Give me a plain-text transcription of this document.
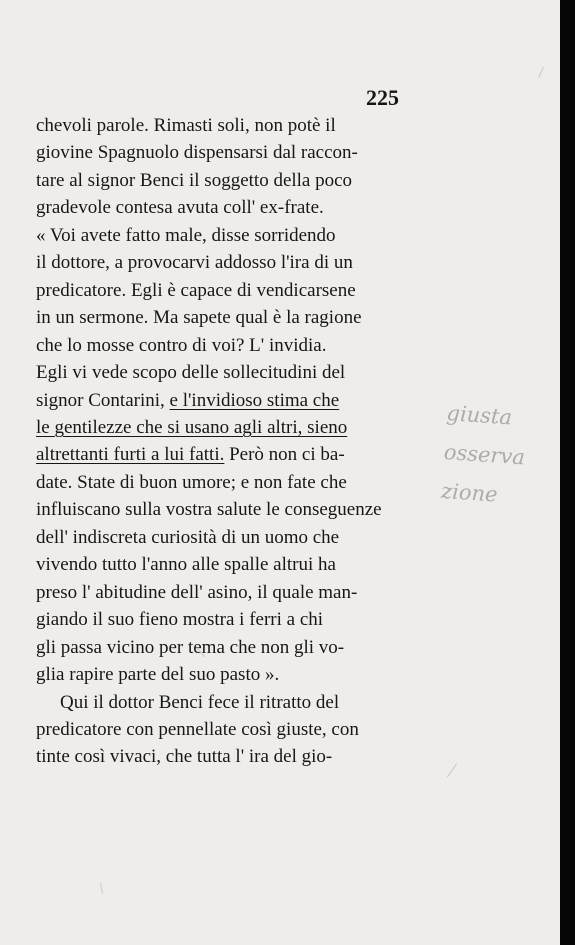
225
chevoli parole. Rimasti soli, non potè il
giovine Spagnuolo dispensarsi dal raccon-
tare al signor Benci il soggetto della poco
gradevole contesa avuta coll' ex-frate.
« Voi avete fatto male, disse sorridendo
il dottore, a provocarvi addosso l'ira di un
predicatore. Egli è capace di vendicarsene
in un sermone. Ma sapete qual è la ragione
che lo mosse contro di voi? L' invidia.
Egli vi vede scopo delle sollecitudini del
signor Contarini, e l'invidioso stima che
le gentilezze che si usano agli altri, sieno
altrettanti furti a lui fatti. Però non ci ba-
date. State di buon umore; e non fate che
influiscano sulla vostra salute le conseguenze
dell' indiscreta curiosità di un uomo che
vivendo tutto l'anno alle spalle altrui ha
preso l' abitudine dell' asino, il quale man-
giando il suo fieno mostra i ferri a chi
gli passa vicino per tema che non gli vo-
glia rapire parte del suo pasto ».
Qui il dottor Benci fece il ritratto del
predicatore con pennellate così giuste, con
tinte così vivaci, che tutta l' ira del gio-
giusta
osserva
zione
